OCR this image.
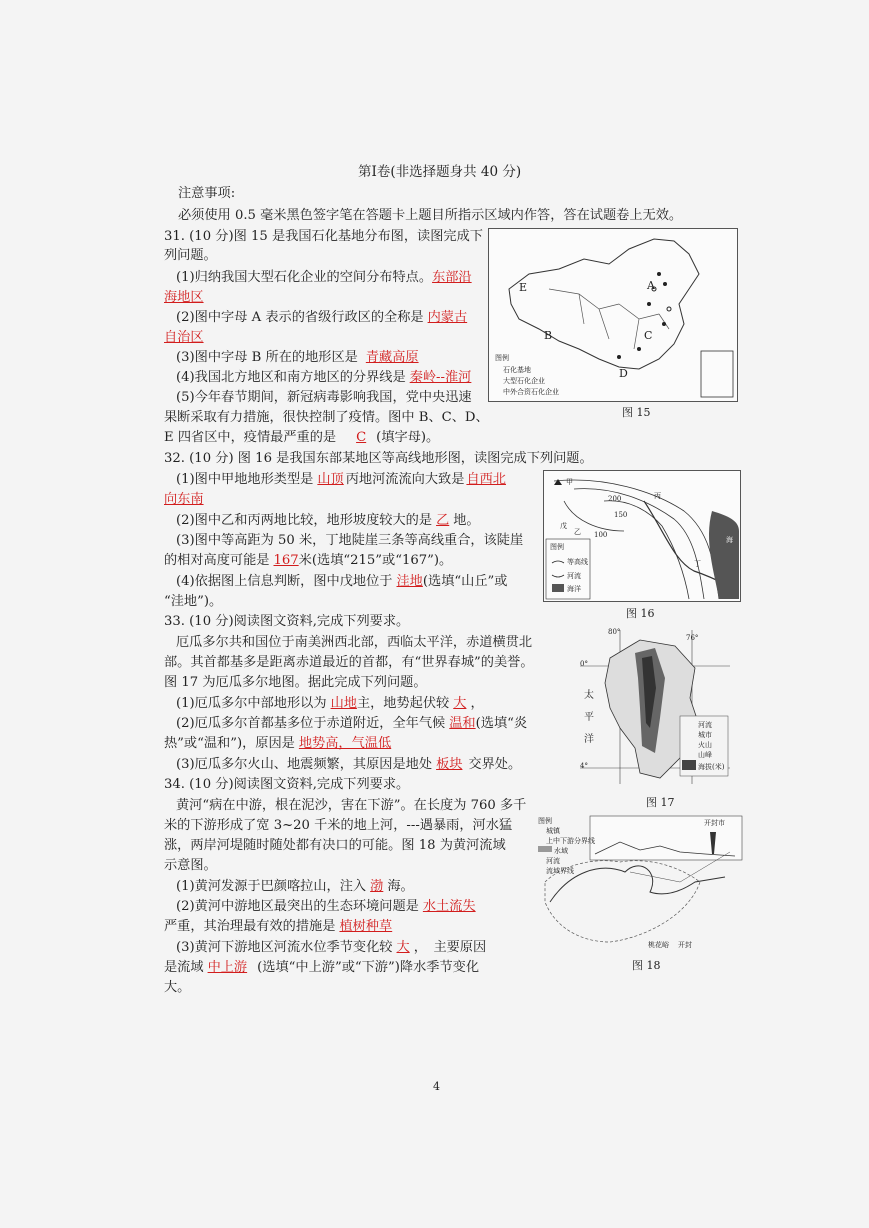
第Ⅰ卷(非选择题身共 40 分)
注意事项:
必须使用 0.5 毫米黑色签字笔在答题卡上题目所指示区域内作答，答在试题卷上无效。
31. (10 分)图 15 是我国石化基地分布图，读图完成下
列问题。
(1)归纳我国大型石化企业的空间分布特点。东部沿
海地区
(2)图中字母 A 表示的省级行政区的全称是 内蒙古
自治区
(3)图中字母 B 所在的地形区是 青藏高原
(4)我国北方地区和南方地区的分界线是 秦岭--淮河
(5)今年春节期间，新冠病毒影响我国，党中央迅速
果断采取有力措施，很快控制了疫情。图中 B、C、D、
E 四省区中，疫情最严重的是 C (填字母)。
A
B	C
D
E
图例
石化基地
大型石化企业
中外合资石化企业
图 15
32. (10 分) 图 16 是我国东部某地区等高线地形图，读图完成下列问题。
(1)图中甲地地形类型是 山顶 丙地河流流向大致是 自西北
向东南
(2)图中乙和丙两地比较，地形坡度较大的是 乙 地。
(3)图中等高距为 50 米，丁地陡崖三条等高线重合，该陡崖
的相对高度可能是 167米(选填“215”或“167”)。
(4)依据图上信息判断，图中戊地位于 洼地(选填“山丘”或
“洼地”)。
甲
乙
丙
丁
戊
海
200
150
100
图例
等高线
河流
海洋
图 16
33. (10 分)阅读图文资料,完成下列要求。
厄瓜多尔共和国位于南美洲西北部，西临太平洋，赤道横贯北
部。其首都基多是距离赤道最近的首都，有“世界春城”的美誉。
图 17 为厄瓜多尔地图。据此完成下列问题。
(1)厄瓜多尔中部地形以为 山地主，地势起伏较 大 ，
(2)厄瓜多尔首都基多位于赤道附近，全年气候 温和(选填“炎
热”或“温和”)，原因是 地势高，气温低
(3)厄瓜多尔火山、地震频繁，其原因是地处 板块 交界处。
80°
76°
0°
4°
太
平
洋
河流
城市
火山
山峰
海拔(米)
图 17
34. (10 分)阅读图文资料,完成下列要求。
黄河“病在中游，根在泥沙，害在下游”。在长度为 760 多千
米的下游形成了宽 3~20 千米的地上河，---遇暴雨，河水猛
涨，两岸河堤随时随处都有决口的可能。图 18 为黄河流域
示意图。
(1)黄河发源于巴颜喀拉山，注入 渤 海。
(2)黄河中游地区最突出的生态环境问题是 水土流失
严重，其治理最有效的措施是 植树种草
(3)黄河下游地区河流水位季节变化较 大 ，　主要原因
是流域 中上游 (选填“中上游”或“下游”)降水季节变化
大。
图例
城镇
上中下游分界线
水域
河流
流域界线
开封市
桃花峪 开封
图 18
4
